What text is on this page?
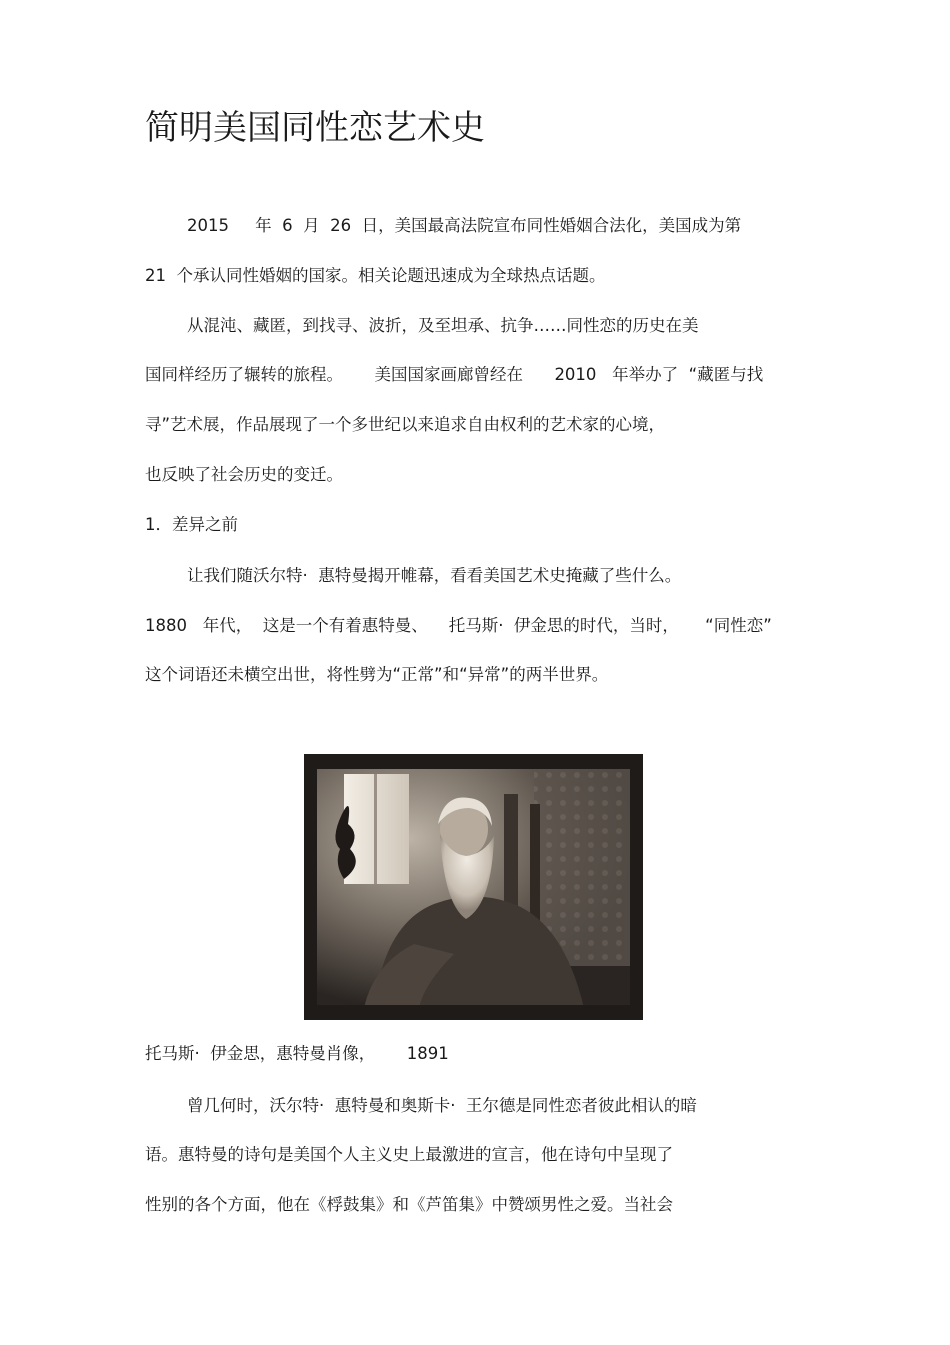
简明美国同性恋艺术史
2015     年  6  月  26  日，美国最高法院宣布同性婚姻合法化，美国成为第
21  个承认同性婚姻的国家。相关论题迅速成为全球热点话题。
从混沌、藏匿，到找寻、波折，及至坦承、抗争……同性恋的历史在美
国同样经历了辗转的旅程。      美国国家画廊曾经在      2010   年举办了  “藏匿与找
寻”艺术展，作品展现了一个多世纪以来追求自由权利的艺术家的心境，
也反映了社会历史的变迁。
1．差异之前
让我们随沃尔特·  惠特曼揭开帷幕，看看美国艺术史掩藏了些什么。
1880   年代，  这是一个有着惠特曼、    托马斯·  伊金思的时代，当时，     “同性恋”
这个词语还未横空出世，将性劈为“正常”和“异常”的两半世界。
托马斯·  伊金思，惠特曼肖像，      1891
曾几何时，沃尔特·  惠特曼和奥斯卡·  王尔德是同性恋者彼此相认的暗
语。惠特曼的诗句是美国个人主义史上最激进的宣言，他在诗句中呈现了
性别的各个方面，他在《桴鼓集》和《芦笛集》中赞颂男性之爱。当社会
